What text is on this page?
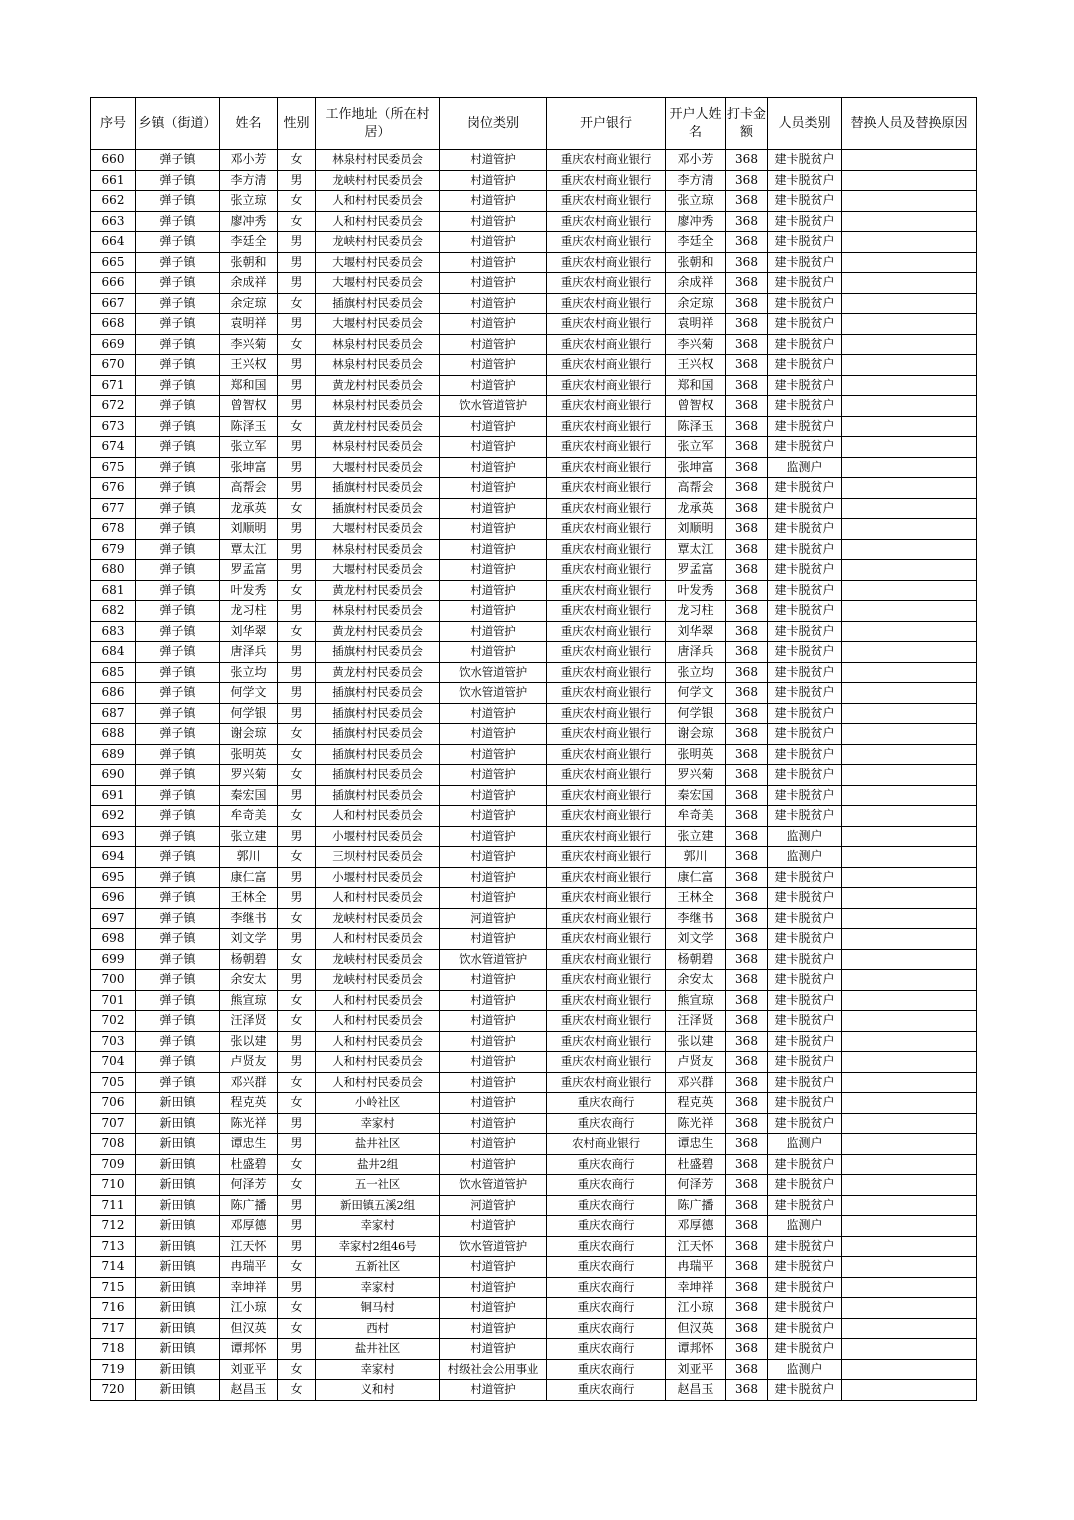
序号	乡镇（街道）	姓名	性别	工作地址（所在村居）	岗位类别	开户银行	开户人姓名	打卡金额	人员类别	替换人员及替换原因
660	弹子镇	邓小芳	女	林泉村村民委员会	村道管护	重庆农村商业银行	邓小芳	368	建卡脱贫户	
661	弹子镇	李方清	男	龙峡村村民委员会	村道管护	重庆农村商业银行	李方清	368	建卡脱贫户	
662	弹子镇	张立琼	女	人和村村民委员会	村道管护	重庆农村商业银行	张立琼	368	建卡脱贫户	
663	弹子镇	廖冲秀	女	人和村村民委员会	村道管护	重庆农村商业银行	廖冲秀	368	建卡脱贫户	
664	弹子镇	李廷全	男	龙峡村村民委员会	村道管护	重庆农村商业银行	李廷全	368	建卡脱贫户	
665	弹子镇	张朝和	男	大堰村村民委员会	村道管护	重庆农村商业银行	张朝和	368	建卡脱贫户	
666	弹子镇	余成祥	男	大堰村村民委员会	村道管护	重庆农村商业银行	余成祥	368	建卡脱贫户	
667	弹子镇	余定琼	女	插旗村村民委员会	村道管护	重庆农村商业银行	余定琼	368	建卡脱贫户	
668	弹子镇	袁明祥	男	大堰村村民委员会	村道管护	重庆农村商业银行	袁明祥	368	建卡脱贫户	
669	弹子镇	李兴菊	女	林泉村村民委员会	村道管护	重庆农村商业银行	李兴菊	368	建卡脱贫户	
670	弹子镇	王兴权	男	林泉村村民委员会	村道管护	重庆农村商业银行	王兴权	368	建卡脱贫户	
671	弹子镇	郑和国	男	黄龙村村民委员会	村道管护	重庆农村商业银行	郑和国	368	建卡脱贫户	
672	弹子镇	曾智权	男	林泉村村民委员会	饮水管道管护	重庆农村商业银行	曾智权	368	建卡脱贫户	
673	弹子镇	陈泽玉	女	黄龙村村民委员会	村道管护	重庆农村商业银行	陈泽玉	368	建卡脱贫户	
674	弹子镇	张立军	男	林泉村村民委员会	村道管护	重庆农村商业银行	张立军	368	建卡脱贫户	
675	弹子镇	张坤富	男	大堰村村民委员会	村道管护	重庆农村商业银行	张坤富	368	监测户	
676	弹子镇	高帮会	男	插旗村村民委员会	村道管护	重庆农村商业银行	高帮会	368	建卡脱贫户	
677	弹子镇	龙承英	女	插旗村村民委员会	村道管护	重庆农村商业银行	龙承英	368	建卡脱贫户	
678	弹子镇	刘顺明	男	大堰村村民委员会	村道管护	重庆农村商业银行	刘顺明	368	建卡脱贫户	
679	弹子镇	覃太江	男	林泉村村民委员会	村道管护	重庆农村商业银行	覃太江	368	建卡脱贫户	
680	弹子镇	罗孟富	男	大堰村村民委员会	村道管护	重庆农村商业银行	罗孟富	368	建卡脱贫户	
681	弹子镇	叶发秀	女	黄龙村村民委员会	村道管护	重庆农村商业银行	叶发秀	368	建卡脱贫户	
682	弹子镇	龙习柱	男	林泉村村民委员会	村道管护	重庆农村商业银行	龙习柱	368	建卡脱贫户	
683	弹子镇	刘华翠	女	黄龙村村民委员会	村道管护	重庆农村商业银行	刘华翠	368	建卡脱贫户	
684	弹子镇	唐泽兵	男	插旗村村民委员会	村道管护	重庆农村商业银行	唐泽兵	368	建卡脱贫户	
685	弹子镇	张立均	男	黄龙村村民委员会	饮水管道管护	重庆农村商业银行	张立均	368	建卡脱贫户	
686	弹子镇	何学文	男	插旗村村民委员会	饮水管道管护	重庆农村商业银行	何学文	368	建卡脱贫户	
687	弹子镇	何学银	男	插旗村村民委员会	村道管护	重庆农村商业银行	何学银	368	建卡脱贫户	
688	弹子镇	谢会琼	女	插旗村村民委员会	村道管护	重庆农村商业银行	谢会琼	368	建卡脱贫户	
689	弹子镇	张明英	女	插旗村村民委员会	村道管护	重庆农村商业银行	张明英	368	建卡脱贫户	
690	弹子镇	罗兴菊	女	插旗村村民委员会	村道管护	重庆农村商业银行	罗兴菊	368	建卡脱贫户	
691	弹子镇	秦宏国	男	插旗村村民委员会	村道管护	重庆农村商业银行	秦宏国	368	建卡脱贫户	
692	弹子镇	牟奇美	女	人和村村民委员会	村道管护	重庆农村商业银行	牟奇美	368	建卡脱贫户	
693	弹子镇	张立建	男	小堰村村民委员会	村道管护	重庆农村商业银行	张立建	368	监测户	
694	弹子镇	郭川	女	三坝村村民委员会	村道管护	重庆农村商业银行	郭川	368	监测户	
695	弹子镇	康仁富	男	小堰村村民委员会	村道管护	重庆农村商业银行	康仁富	368	建卡脱贫户	
696	弹子镇	王林全	男	人和村村民委员会	村道管护	重庆农村商业银行	王林全	368	建卡脱贫户	
697	弹子镇	李继书	女	龙峡村村民委员会	河道管护	重庆农村商业银行	李继书	368	建卡脱贫户	
698	弹子镇	刘文学	男	人和村村民委员会	村道管护	重庆农村商业银行	刘文学	368	建卡脱贫户	
699	弹子镇	杨朝碧	女	龙峡村村民委员会	饮水管道管护	重庆农村商业银行	杨朝碧	368	建卡脱贫户	
700	弹子镇	余安太	男	龙峡村村民委员会	村道管护	重庆农村商业银行	余安太	368	建卡脱贫户	
701	弹子镇	熊宣琼	女	人和村村民委员会	村道管护	重庆农村商业银行	熊宣琼	368	建卡脱贫户	
702	弹子镇	汪泽贤	女	人和村村民委员会	村道管护	重庆农村商业银行	汪泽贤	368	建卡脱贫户	
703	弹子镇	张以建	男	人和村村民委员会	村道管护	重庆农村商业银行	张以建	368	建卡脱贫户	
704	弹子镇	卢贤友	男	人和村村民委员会	村道管护	重庆农村商业银行	卢贤友	368	建卡脱贫户	
705	弹子镇	邓兴群	女	人和村村民委员会	村道管护	重庆农村商业银行	邓兴群	368	建卡脱贫户	
706	新田镇	程克英	女	小岭社区	村道管护	重庆农商行	程克英	368	建卡脱贫户	
707	新田镇	陈光祥	男	幸家村	村道管护	重庆农商行	陈光祥	368	建卡脱贫户	
708	新田镇	谭忠生	男	盐井社区	村道管护	农村商业银行	谭忠生	368	监测户	
709	新田镇	杜盛碧	女	盐井2组	村道管护	重庆农商行	杜盛碧	368	建卡脱贫户	
710	新田镇	何泽芳	女	五一社区	饮水管道管护	重庆农商行	何泽芳	368	建卡脱贫户	
711	新田镇	陈广播	男	新田镇五溪2组	河道管护	重庆农商行	陈广播	368	建卡脱贫户	
712	新田镇	邓厚德	男	幸家村	村道管护	重庆农商行	邓厚德	368	监测户	
713	新田镇	江天怀	男	幸家村2组46号	饮水管道管护	重庆农商行	江天怀	368	建卡脱贫户	
714	新田镇	冉瑞平	女	五新社区	村道管护	重庆农商行	冉瑞平	368	建卡脱贫户	
715	新田镇	幸坤祥	男	幸家村	村道管护	重庆农商行	幸坤祥	368	建卡脱贫户	
716	新田镇	江小琼	女	铜马村	村道管护	重庆农商行	江小琼	368	建卡脱贫户	
717	新田镇	但汉英	女	西村	村道管护	重庆农商行	但汉英	368	建卡脱贫户	
718	新田镇	谭邦怀	男	盐井社区	村道管护	重庆农商行	谭邦怀	368	建卡脱贫户	
719	新田镇	刘亚平	女	幸家村	村级社会公用事业	重庆农商行	刘亚平	368	监测户	
720	新田镇	赵昌玉	女	义和村	村道管护	重庆农商行	赵昌玉	368	建卡脱贫户	
